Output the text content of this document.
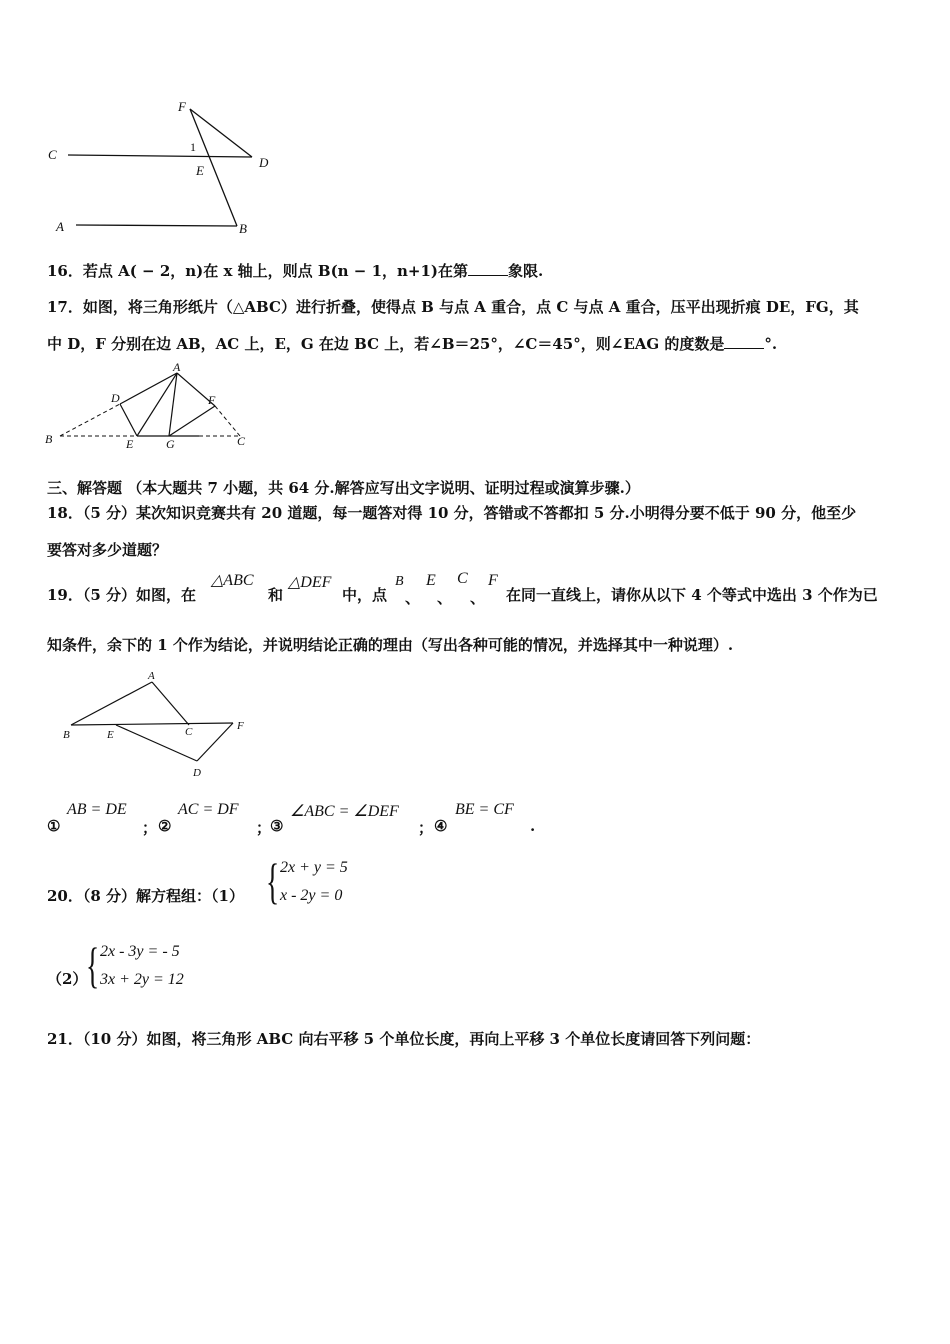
F
C	1
E
D
A	B
16．若点 A( − 2，n)在 x 轴上，则点 B(n − 1，n+1)在第	象限.
17．如图，将三角形纸片（△ABC）进行折叠，使得点 B 与点 A 重合，点 C 与点 A 重合，压平出现折痕 DE，FG，其
中 D，F 分别在边 AB，AC 上，E，G 在边 BC 上，若∠B＝25°，∠C＝45°，则∠EAG 的度数是	°.
A
D	F
B	E	G	C
三、解答题 （本大题共 7 小题，共 64 分.解答应写出文字说明、证明过程或演算步骤.）
18．（5 分）某次知识竞赛共有 20 道题，每一题答对得 10 分，答错或不答都扣 5 分.小明得分要不低于 90 分，他至少
要答对多少道题？
19．（5 分）如图，在
△ABC
和
△DEF
中，点
B
、
E
、
C
、
F
在同一直线上，请你从以下 4 个等式中选出 3 个作为已
知条件，余下的 1 个作为结论，并说明结论正确的理由（写出各种可能的情况，并选择其中一种说理）.
A
B	E	C	F
D
①
AB = DE
； ②
AC = DF
；
③
∠ABC = ∠DEF
； ④
BE = CF
.
20．（8 分）解方程组：（1） { 2x + y = 5
x - 2y = 0
（2）
{ 2x - 3y = - 5
3x + 2y = 12
21．（10 分）如图，将三角形 ABC 向右平移 5 个单位长度，再向上平移 3 个单位长度请回答下列问题：
